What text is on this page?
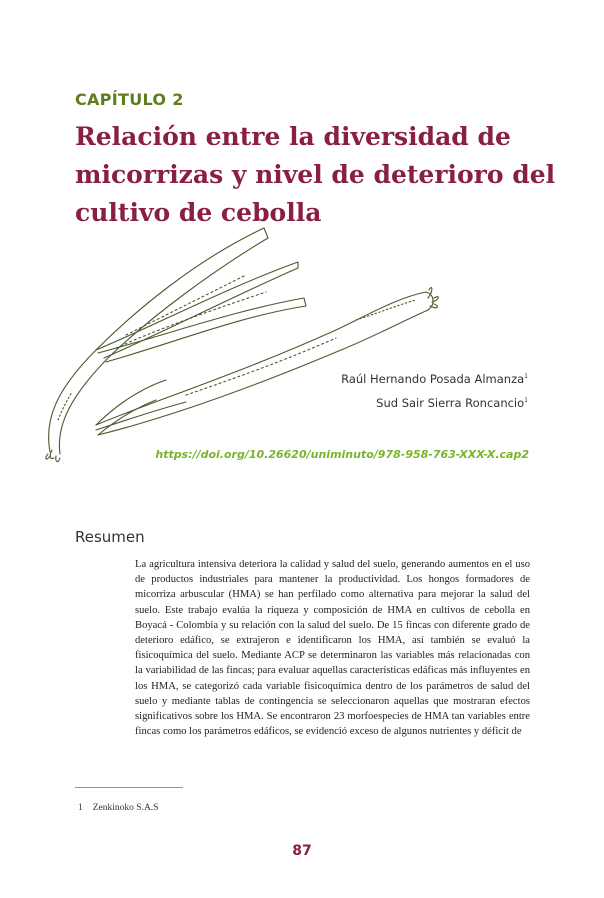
CAPÍTULO 2
Relación entre la diversidad de
micorrizas y nivel de deterioro del
cultivo de cebolla
Raúl Hernando Posada Almanza$^1$
Sud Sair Sierra Roncancio$^1$
https://doi.org/10.26620/uniminuto/978-958-763-XXX-X.cap2
Resumen

La agricultura intensiva deteriora la calidad y salud del suelo, generando aumentos en el uso de productos industriales para mantener la productividad. Los hongos formadores de micorriza arbuscular (HMA) se han perfilado como alternativa para mejorar la salud del suelo. Este trabajo evalúa la riqueza y composición de HMA en cultivos de cebolla en Boyacá - Colombia y su relación con la salud del suelo. De 15 fincas con diferente grado de deterioro edáfico, se extrajeron e identificaron los HMA, así también se evaluó la fisicoquímica del suelo. Mediante ACP se determinaron las variables más relacionadas con la variabilidad de las fincas; para evaluar aquellas características edáficas más influyentes en los HMA, se categorizó cada variable fisicoquímica dentro de los parámetros de salud del suelo y mediante tablas de contingencia se seleccionaron aquellas que mostraran efectos significativos sobre los HMA. Se encontraron 23 morfoespecies de HMA tan variables entre fincas como los parámetros edáficos, se evidenció exceso de algunos nutrientes y déficit de

1 Zenkinoko S.A.S
87
